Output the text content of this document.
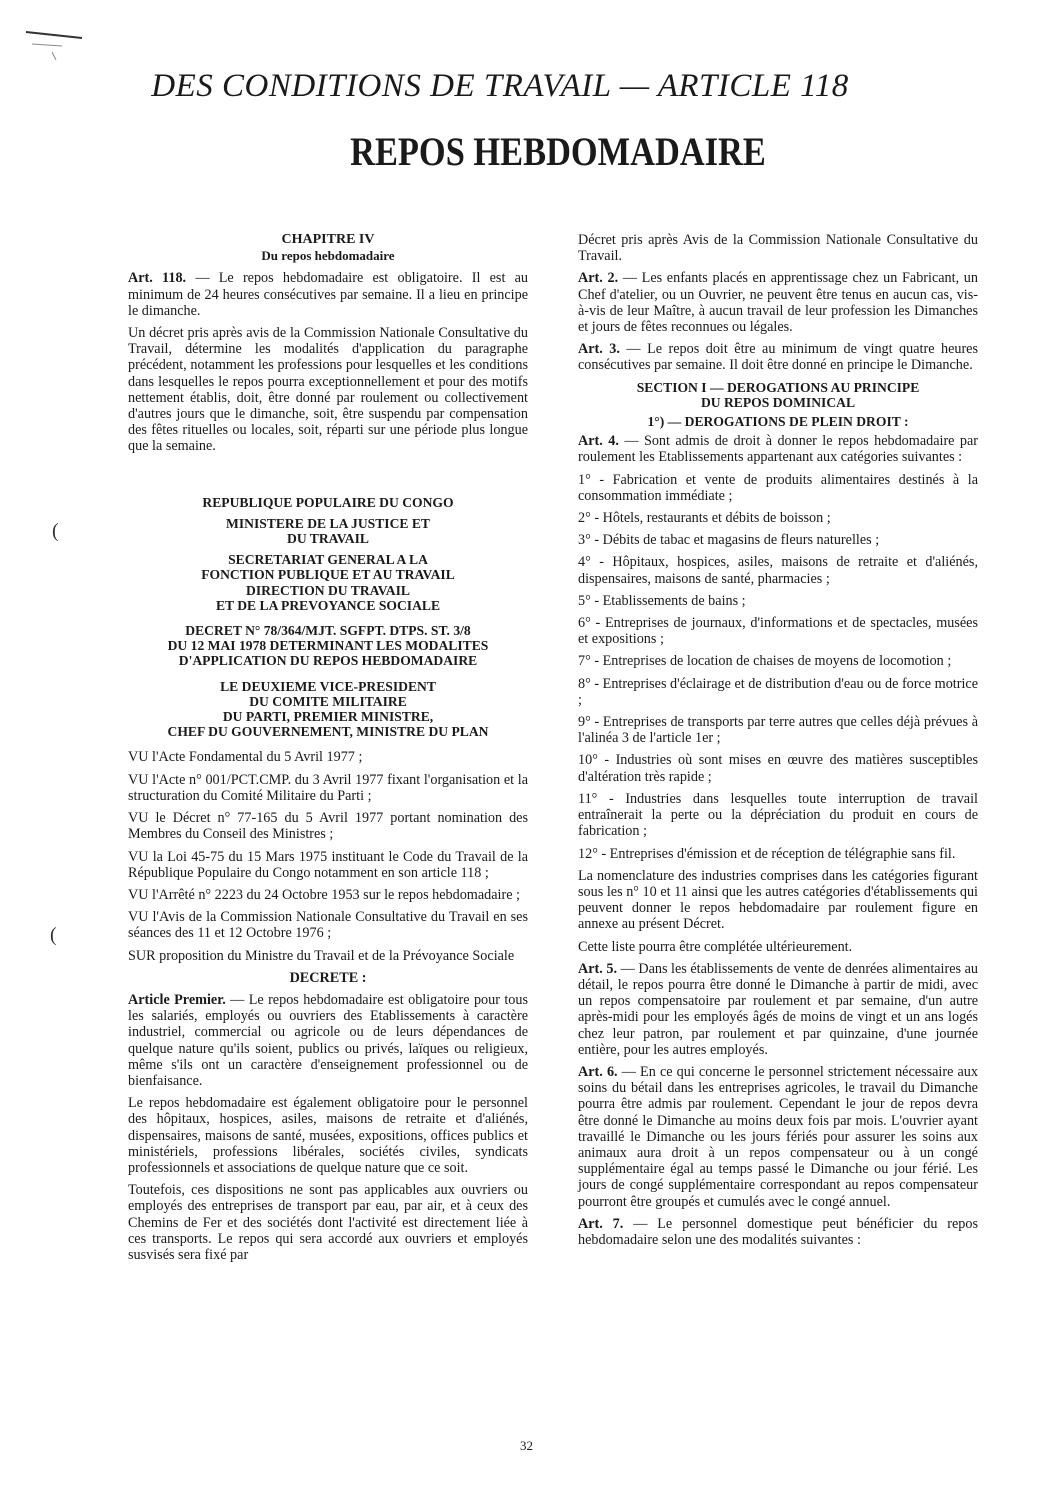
DES CONDITIONS DE TRAVAIL — ARTICLE 118
REPOS HEBDOMADAIRE
(
(
CHAPITRE IV
Du repos hebdomadaire

Art. 118. — Le repos hebdomadaire est obligatoire. Il est au minimum de 24 heures consécutives par semaine. Il a lieu en principe le dimanche.

Un décret pris après avis de la Commission Nationale Consultative du Travail, détermine les modalités d'application du paragraphe précédent, notamment les professions pour lesquelles et les conditions dans lesquelles le repos pourra exceptionnellement et pour des motifs nettement établis, doit, être donné par roulement ou collectivement d'autres jours que le dimanche, soit, être suspendu par compensation des fêtes rituelles ou locales, soit, réparti sur une période plus longue que la semaine.

REPUBLIQUE POPULAIRE DU CONGO
MINISTERE DE LA JUSTICE ET
DU TRAVAIL
SECRETARIAT GENERAL A LA
FONCTION PUBLIQUE ET AU TRAVAIL
DIRECTION DU TRAVAIL
ET DE LA PREVOYANCE SOCIALE
DECRET N° 78/364/MJT. SGFPT. DTPS. ST. 3/8
DU 12 MAI 1978 DETERMINANT LES MODALITES
D'APPLICATION DU REPOS HEBDOMADAIRE
LE DEUXIEME VICE-PRESIDENT
DU COMITE MILITAIRE
DU PARTI, PREMIER MINISTRE,
CHEF DU GOUVERNEMENT, MINISTRE DU PLAN

VU l'Acte Fondamental du 5 Avril 1977 ;

VU l'Acte n° 001/PCT.CMP. du 3 Avril 1977 fixant l'organisation et la structuration du Comité Militaire du Parti ;

VU le Décret n° 77-165 du 5 Avril 1977 portant nomination des Membres du Conseil des Ministres ;

VU la Loi 45-75 du 15 Mars 1975 instituant le Code du Travail de la République Populaire du Congo notamment en son article 118 ;

VU l'Arrêté n° 2223 du 24 Octobre 1953 sur le repos hebdomadaire ;

VU l'Avis de la Commission Nationale Consultative du Travail en ses séances des 11 et 12 Octobre 1976 ;

SUR proposition du Ministre du Travail et de la Prévoyance Sociale

DECRETE :

Article Premier. — Le repos hebdomadaire est obligatoire pour tous les salariés, employés ou ouvriers des Etablissements à caractère industriel, commercial ou agricole ou de leurs dépendances de quelque nature qu'ils soient, publics ou privés, laïques ou religieux, même s'ils ont un caractère d'enseignement professionnel ou de bienfaisance.

Le repos hebdomadaire est également obligatoire pour le personnel des hôpitaux, hospices, asiles, maisons de retraite et d'aliénés, dispensaires, maisons de santé, musées, expositions, offices publics et ministériels, professions libérales, sociétés civiles, syndicats professionnels et associations de quelque nature que ce soit.

Toutefois, ces dispositions ne sont pas applicables aux ouvriers ou employés des entreprises de transport par eau, par air, et à ceux des Chemins de Fer et des sociétés dont l'activité est directement liée à ces transports. Le repos qui sera accordé aux ouvriers et employés susvisés sera fixé par

Décret pris après Avis de la Commission Nationale Consultative du Travail.

Art. 2. — Les enfants placés en apprentissage chez un Fabricant, un Chef d'atelier, ou un Ouvrier, ne peuvent être tenus en aucun cas, vis-à-vis de leur Maître, à aucun travail de leur profession les Dimanches et jours de fêtes reconnues ou légales.

Art. 3. — Le repos doit être au minimum de vingt quatre heures consécutives par semaine. Il doit être donné en principe le Dimanche.

SECTION I — DEROGATIONS AU PRINCIPE
DU REPOS DOMINICAL
1°) — DEROGATIONS DE PLEIN DROIT :

Art. 4. — Sont admis de droit à donner le repos hebdomadaire par roulement les Etablissements appartenant aux catégories suivantes :

1° - Fabrication et vente de produits alimentaires destinés à la consommation immédiate ;

2° - Hôtels, restaurants et débits de boisson ;

3° - Débits de tabac et magasins de fleurs naturelles ;

4° - Hôpitaux, hospices, asiles, maisons de retraite et d'aliénés, dispensaires, maisons de santé, pharmacies ;

5° - Etablissements de bains ;

6° - Entreprises de journaux, d'informations et de spectacles, musées et expositions ;

7° - Entreprises de location de chaises de moyens de locomotion ;

8° - Entreprises d'éclairage et de distribution d'eau ou de force motrice ;

9° - Entreprises de transports par terre autres que celles déjà prévues à l'alinéa 3 de l'article 1er ;

10° - Industries où sont mises en œuvre des matières susceptibles d'altération très rapide ;

11° - Industries dans lesquelles toute interruption de travail entraînerait la perte ou la dépréciation du produit en cours de fabrication ;

12° - Entreprises d'émission et de réception de télégraphie sans fil.

La nomenclature des industries comprises dans les catégories figurant sous les n° 10 et 11 ainsi que les autres catégories d'établissements qui peuvent donner le repos hebdomadaire par roulement figure en annexe au présent Décret.

Cette liste pourra être complétée ultérieurement.

Art. 5. — Dans les établissements de vente de denrées alimentaires au détail, le repos pourra être donné le Dimanche à partir de midi, avec un repos compensatoire par roulement et par semaine, d'un autre après-midi pour les employés âgés de moins de vingt et un ans logés chez leur patron, par roulement et par quinzaine, d'une journée entière, pour les autres employés.

Art. 6. — En ce qui concerne le personnel strictement nécessaire aux soins du bétail dans les entreprises agricoles, le travail du Dimanche pourra être admis par roulement. Cependant le jour de repos devra être donné le Dimanche au moins deux fois par mois. L'ouvrier ayant travaillé le Dimanche ou les jours fériés pour assurer les soins aux animaux aura droit à un repos compensateur ou à un congé supplémentaire égal au temps passé le Dimanche ou jour férié. Les jours de congé supplémentaire correspondant au repos compensateur pourront être groupés et cumulés avec le congé annuel.

Art. 7. — Le personnel domestique peut bénéficier du repos hebdomadaire selon une des modalités suivantes :

32
